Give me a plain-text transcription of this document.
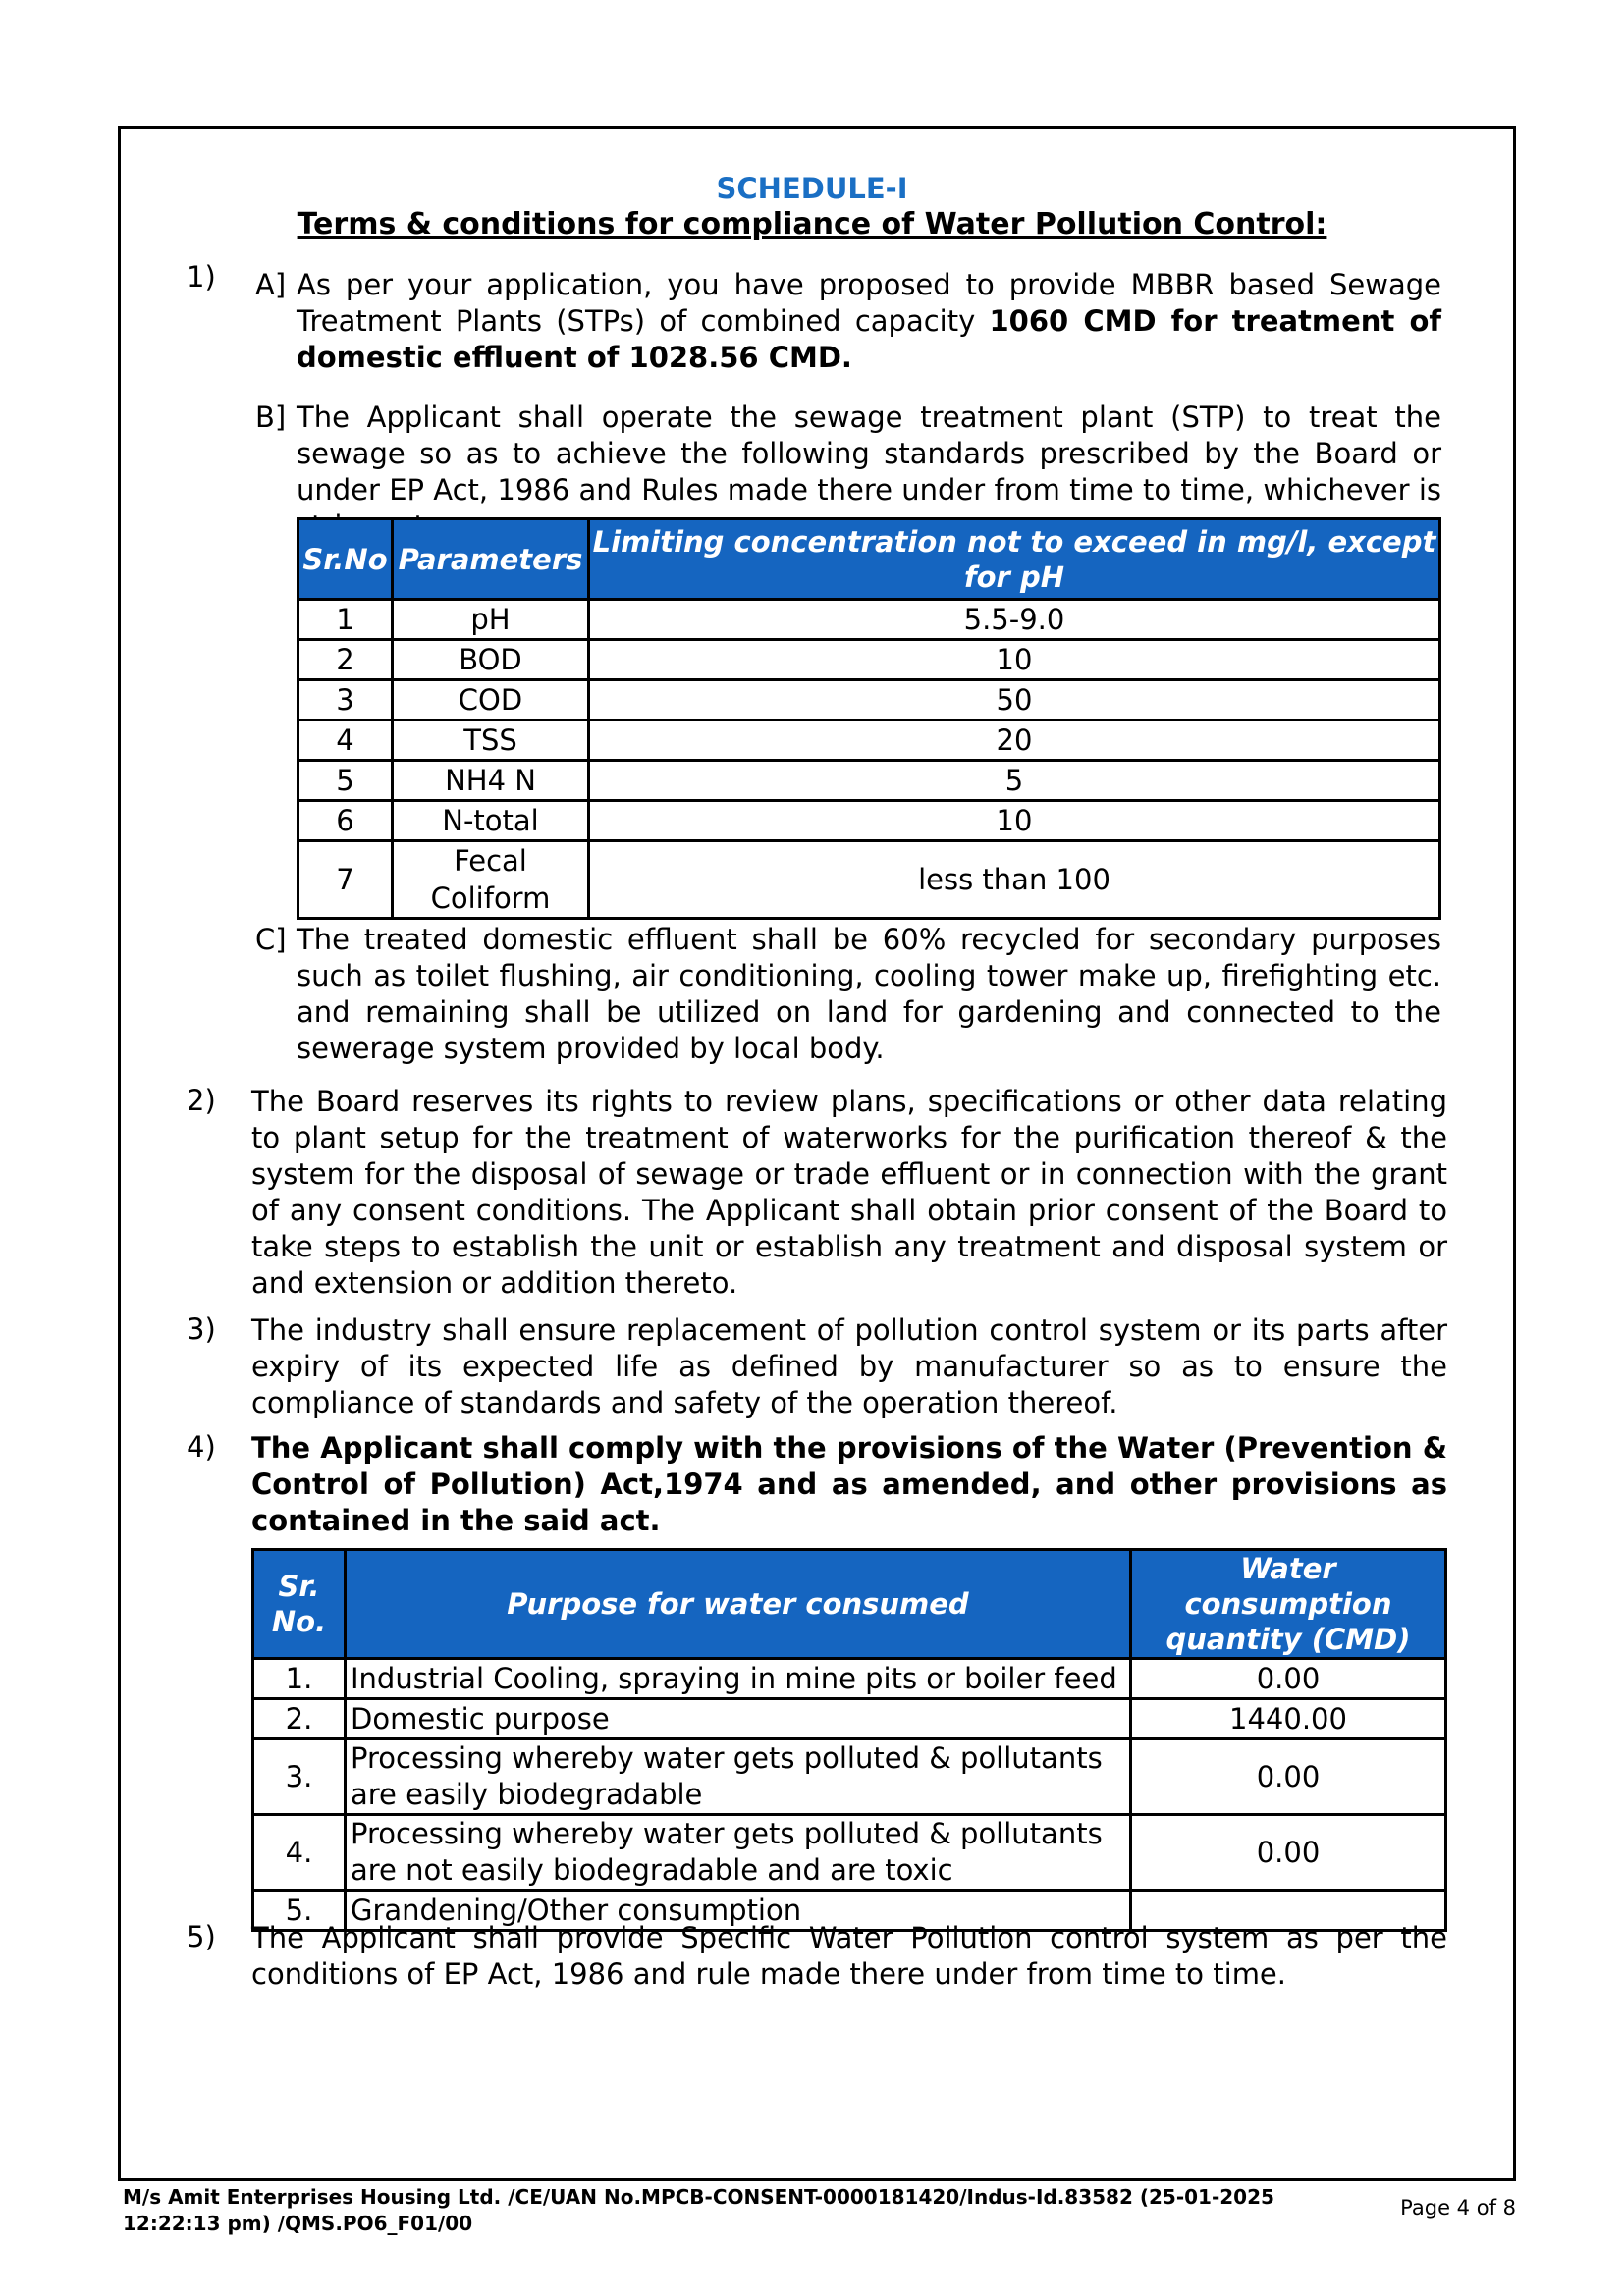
SCHEDULE-I
Terms & conditions for compliance of Water Pollution Control:
1) A] As per your application, you have proposed to provide MBBR based Sewage Treatment Plants (STPs) of combined capacity 1060 CMD for treatment of domestic effluent of 1028.56 CMD.
B] The Applicant shall operate the sewage treatment plant (STP) to treat the sewage so as to achieve the following standards prescribed by the Board or under EP Act, 1986 and Rules made there under from time to time, whichever is
Sr.No	Parameters	Limiting concentration not to exceed in mg/l, except for pH
1	pH	5.5-9.0
2	BOD	10
3	COD	50
4	TSS	20
5	NH4 N	5
6	N-total	10
7	Fecal Coliform	less than 100
C] The treated domestic effluent shall be 60% recycled for secondary purposes such as toilet flushing, air conditioning, cooling tower make up, firefighting etc. and remaining shall be utilized on land for gardening and connected to the sewerage system provided by local body.
2) The Board reserves its rights to review plans, specifications or other data relating to plant setup for the treatment of waterworks for the purification thereof & the system for the disposal of sewage or trade effluent or in connection with the grant of any consent conditions. The Applicant shall obtain prior consent of the Board to take steps to establish the unit or establish any treatment and disposal system or and extension or addition thereto.
3) The industry shall ensure replacement of pollution control system or its parts after expiry of its expected life as defined by manufacturer so as to ensure the compliance of standards and safety of the operation thereof.
4) The Applicant shall comply with the provisions of the Water (Prevention & Control of Pollution) Act,1974 and as amended, and other provisions as contained in the said act.
Sr. No.	Purpose for water consumed	Water consumption quantity (CMD)
1.	Industrial Cooling, spraying in mine pits or boiler feed	0.00
2.	Domestic purpose	1440.00
3.	Processing whereby water gets polluted & pollutants are easily biodegradable	0.00
4.	Processing whereby water gets polluted & pollutants are not easily biodegradable and are toxic	0.00
5.	Grandening/Other consumption	
5) The Applicant shall provide Specific Water Pollution control system as per the conditions of EP Act, 1986 and rule made there under from time to time.
M/s Amit Enterprises Housing Ltd. /CE/UAN No.MPCB-CONSENT-0000181420/Indus-Id.83582 (25-01-2025 12:22:13 pm) /QMS.PO6_F01/00
Page 4 of 8
